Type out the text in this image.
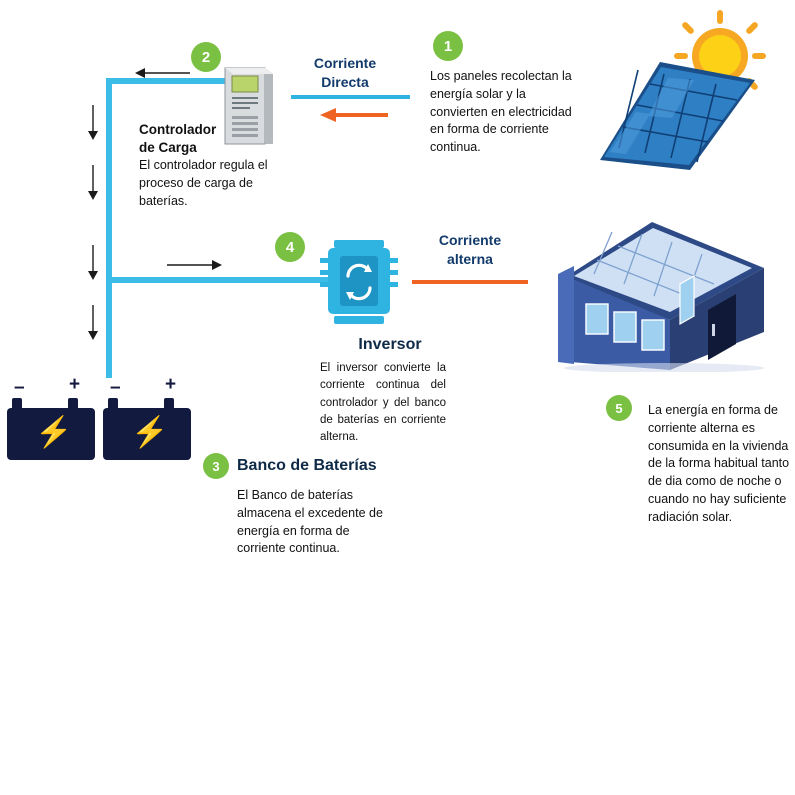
1
Los paneles recolectan la energía solar y la convierten en electricidad en forma de corriente continua.
Corriente
Directa
2
Controlador
de Carga
El controlador regula el proceso de carga de baterías.
4
Inversor
El inversor convierte la corriente continua del controlador y del banco de baterías en corriente alterna.
Corriente
alterna
5 La energía en forma de corriente alterna es consumida en la vivienda de la forma habitual tanto de dia como de noche o cuando no hay suficiente radiación solar.
– +
⚡
– +
⚡
3 Banco de Baterías
El Banco de baterías almacena el excedente de energía en forma de corriente continua.
